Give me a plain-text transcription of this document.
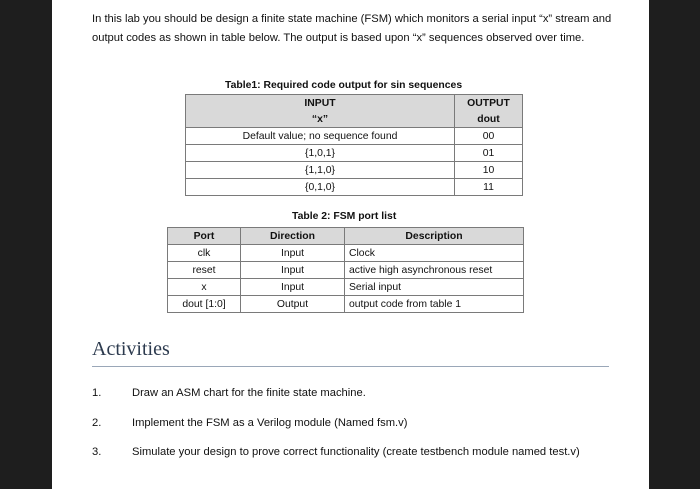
In this lab you should be design a finite state machine (FSM) which monitors a serial input “x” stream and output codes as shown in table below. The output is based upon “x” sequences observed over time.
Table1: Required code output for sin sequences
INPUT	OUTPUT
“x”	dout
Default value; no sequence found	00
{1,0,1}	01
{1,1,0}	10
{0,1,0}	11
Table 2: FSM port list
Port	Direction	Description
clk	Input	Clock
reset	Input	active high asynchronous reset
x	Input	Serial input
dout [1:0]	Output	output code from table 1
Activities
1.	Draw an ASM chart for the finite state machine.
2.	Implement the FSM as a Verilog module (Named fsm.v)
3.	Simulate your design to prove correct functionality (create testbench module named test.v)
